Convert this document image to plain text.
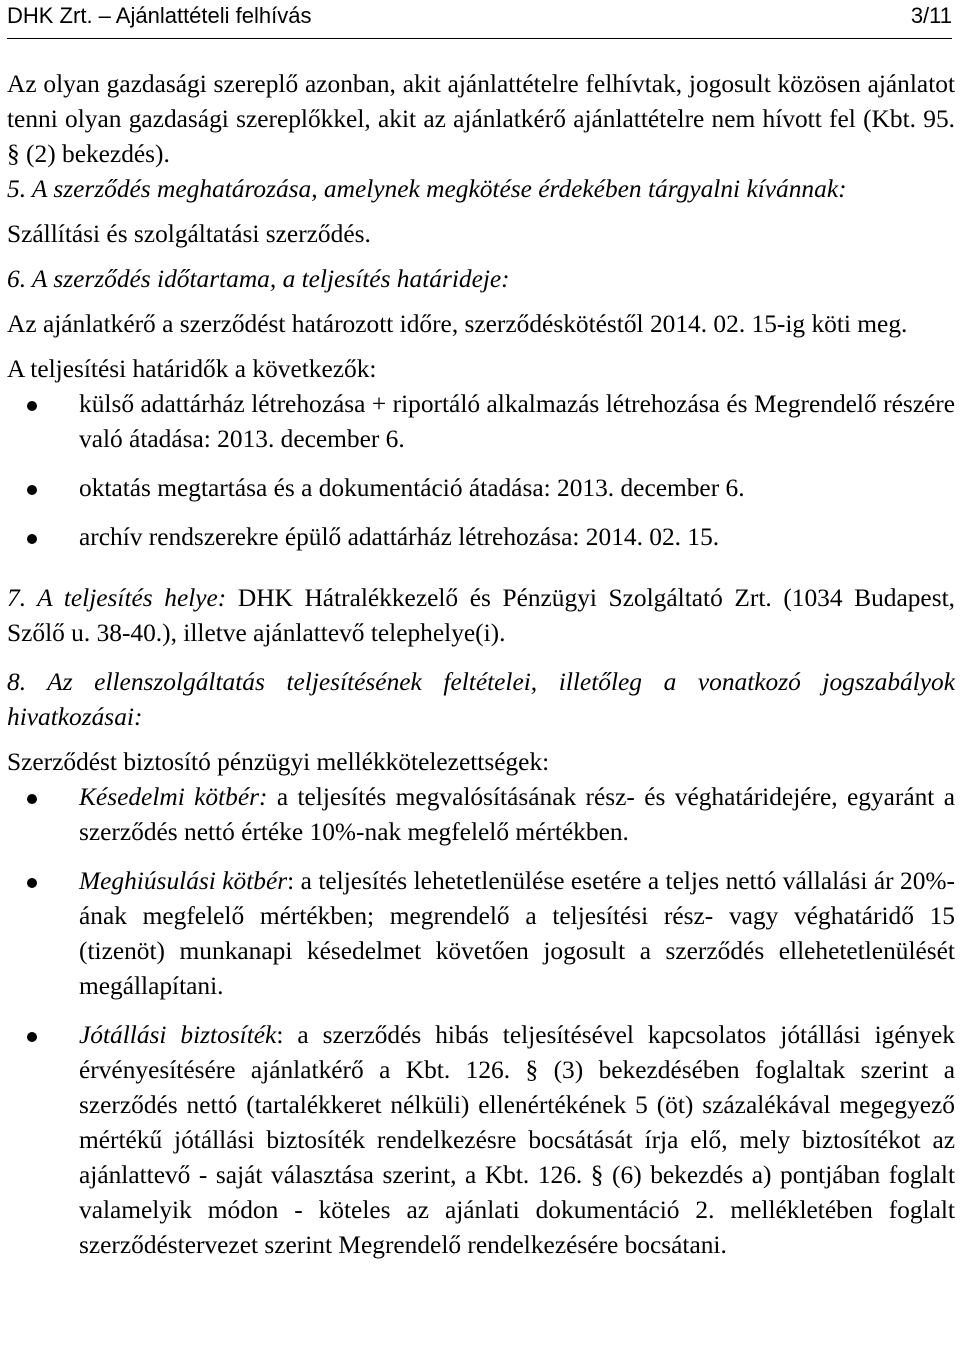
DHK Zrt. – Ajánlattételi felhívás	3/11

Az olyan gazdasági szereplő azonban, akit ajánlattételre felhívtak, jogosult közösen ajánlatot tenni olyan gazdasági szereplőkkel, akit az ajánlatkérő ajánlattételre nem hívott fel (Kbt. 95. § (2) bekezdés).

5. A szerződés meghatározása, amelynek megkötése érdekében tárgyalni kívánnak:

Szállítási és szolgáltatási szerződés.

6. A szerződés időtartama, a teljesítés határideje:

Az ajánlatkérő a szerződést határozott időre, szerződéskötéstől 2014. 02. 15-ig köti meg.

A teljesítési határidők a következők:

külső adattárház létrehozása + riportáló alkalmazás létrehozása és Megrendelő részére való átadása: 2013. december 6.
oktatás megtartása és a dokumentáció átadása: 2013. december 6.
archív rendszerekre épülő adattárház létrehozása: 2014. 02. 15.

7. A teljesítés helye: DHK Hátralékkezelő és Pénzügyi Szolgáltató Zrt. (1034 Budapest, Szőlő u. 38-40.), illetve ajánlattevő telephelye(i).

8. Az ellenszolgáltatás teljesítésének feltételei, illetőleg a vonatkozó jogszabályok hivatkozásai:

Szerződést biztosító pénzügyi mellékkötelezettségek:

Késedelmi kötbér: a teljesítés megvalósításának rész- és véghatáridejére, egyaránt a szerződés nettó értéke 10%-nak megfelelő mértékben.
Meghiúsulási kötbér: a teljesítés lehetetlenülése esetére a teljes nettó vállalási ár 20%-ának megfelelő mértékben; megrendelő a teljesítési rész- vagy véghatáridő 15 (tizenöt) munkanapi késedelmet követően jogosult a szerződés ellehetetlenülését megállapítani.
Jótállási biztosíték: a szerződés hibás teljesítésével kapcsolatos jótállási igények érvényesítésére ajánlatkérő a Kbt. 126. § (3) bekezdésében foglaltak szerint a szerződés nettó (tartalékkeret nélküli) ellenértékének 5 (öt) százalékával megegyező mértékű jótállási biztosíték rendelkezésre bocsátását írja elő, mely biztosítékot az ajánlattevő - saját választása szerint, a Kbt. 126. § (6) bekezdés a) pontjában foglalt valamelyik módon - köteles az ajánlati dokumentáció 2. mellékletében foglalt szerződéstervezet szerint Megrendelő rendelkezésére bocsátani.
